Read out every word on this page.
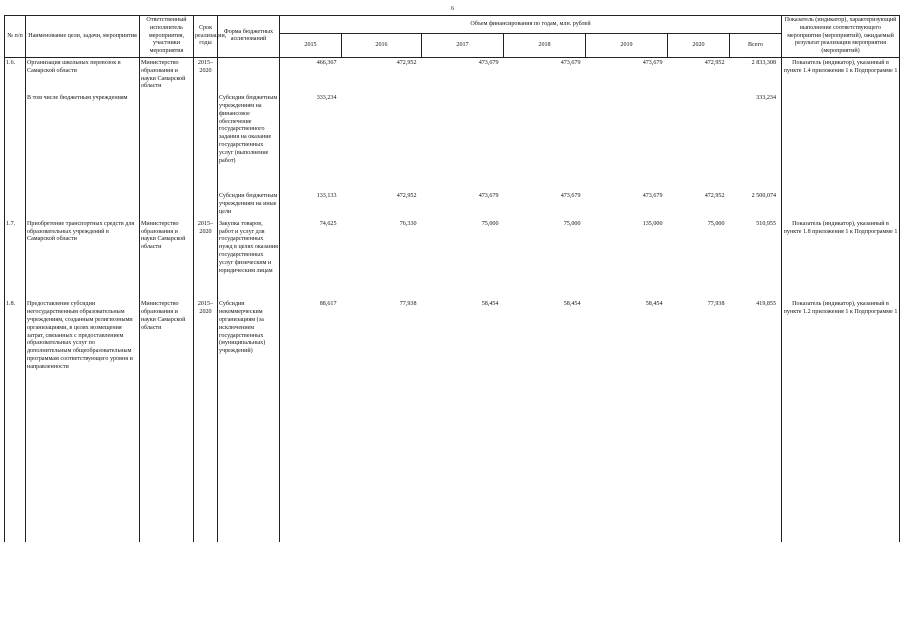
6
№ п/п	Наименование цели, задачи, мероприятия	Ответственный исполнитель мероприятия, участники мероприятия	Срок реализации, годы	Форма бюджетных ассигнований	Объем финансирования по годам, млн. рублей							Показатель (индикатор), характеризующий выполнение соответствующего мероприятия (мероприятий), ожидаемый результат реализации мероприятия (мероприятий)
					2015	2016	2017	2018	2019	2020	Всего	
1.6.	Организация школьных перевозок в Самарской области	Министерство образования и науки Самарской области	2015–2020		466,367	472,952	473,679	473,679	473,679	472,952	2 833,308	Показатель (индикатор), указанный в пункте 1.4 приложения 1 к Подпрограмме 1
	В том числе бюджетным учреждениям			Субсидии бюджетным учреждениям на финансовое обеспечение государственного задания на оказание государственных услуг (выполнение работ)	333,234						333,234	

				Субсидии бюджетным учреждениям на иные цели	133,133	472,952	473,679	473,679	473,679	472,952	2 500,074	
1.7.	Приобретение транспортных средств для образовательных учреждений в Самарской области	Министерство образования и науки Самарской области	2015–2020	Закупка товаров, работ и услуг для государственных нужд в целях оказания государственных услуг физическим и юридическим лицам	74,625	76,330	75,000	75,000	135,000	75,000	510,955	Показатель (индикатор), указанный в пункте 1.8 приложения 1 к Подпрограмме 1

1.8.	Предоставление субсидии негосударственным образовательным учреждениям, созданным религиозными организациями, в целях возмещения затрат, связанных с предоставлением образовательных услуг по дополнительным общеобразовательным программам соответствующего уровня и направленности	Министерство образования и науки Самарской области	2015–2020	Субсидии некоммерческим организациям (за исключением государственных (муниципальных) учреждений)	88,617	77,938	58,454	58,454	58,454	77,938	419,855	Показатель (индикатор), указанный в пункте 1.2 приложения 1 к Подпрограмме 1
